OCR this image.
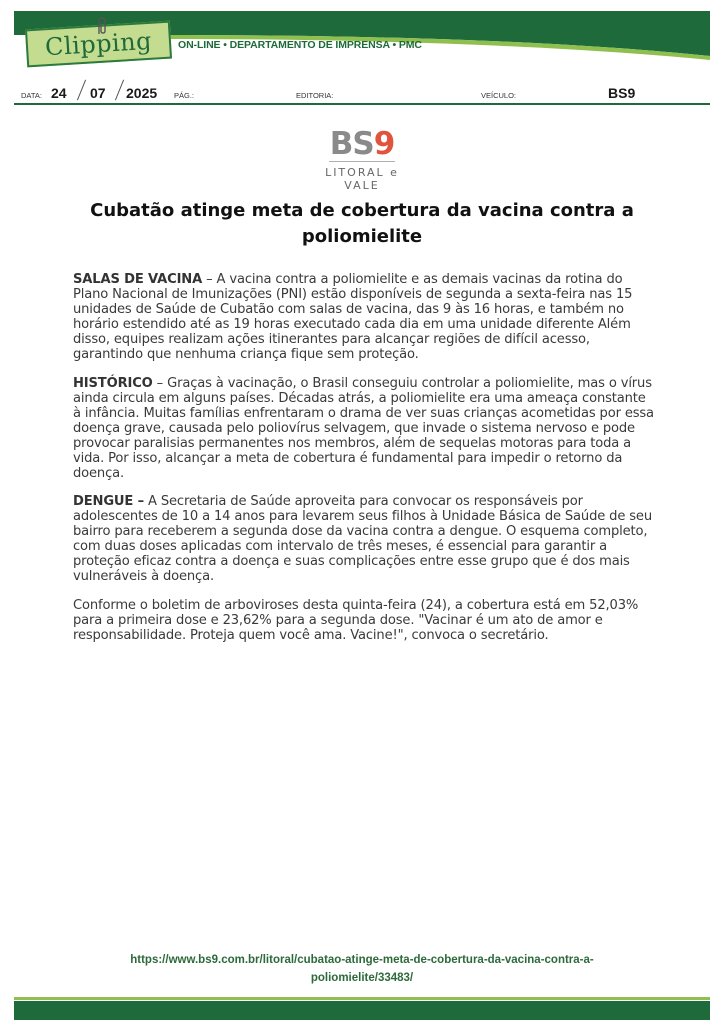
Clipping ON-LINE • DEPARTAMENTO DE IMPRENSA • PMC
DATA: 24 07 2025 PÁG.:	EDITORIA:	VEÍCULO:	BS9
BS9
LITORAL e VALE
Cubatão atinge meta de cobertura da vacina contra a poliomielite

SALAS DE VACINA – A vacina contra a poliomielite e as demais vacinas da rotina do Plano Nacional de Imunizações (PNI) estão disponíveis de segunda a sexta-feira nas 15 unidades de Saúde de Cubatão com salas de vacina, das 9 às 16 horas, e também no horário estendido até as 19 horas executado cada dia em uma unidade diferente Além disso, equipes realizam ações itinerantes para alcançar regiões de difícil acesso, garantindo que nenhuma criança fique sem proteção.

HISTÓRICO – Graças à vacinação, o Brasil conseguiu controlar a poliomielite, mas o vírus ainda circula em alguns países. Décadas atrás, a poliomielite era uma ameaça constante à infância. Muitas famílias enfrentaram o drama de ver suas crianças acometidas por essa doença grave, causada pelo poliovírus selvagem, que invade o sistema nervoso e pode provocar paralisias permanentes nos membros, além de sequelas motoras para toda a vida. Por isso, alcançar a meta de cobertura é fundamental para impedir o retorno da doença.

DENGUE – A Secretaria de Saúde aproveita para convocar os responsáveis por adolescentes de 10 a 14 anos para levarem seus filhos à Unidade Básica de Saúde de seu bairro para receberem a segunda dose da vacina contra a dengue. O esquema completo, com duas doses aplicadas com intervalo de três meses, é essencial para garantir a proteção eficaz contra a doença e suas complicações entre esse grupo que é dos mais vulneráveis à doença.

Conforme o boletim de arboviroses desta quinta-feira (24), a cobertura está em 52,03% para a primeira dose e 23,62% para a segunda dose. "Vacinar é um ato de amor e responsabilidade. Proteja quem você ama. Vacine!", convoca o secretário.

https://www.bs9.com.br/litoral/cubatao-atinge-meta-de-cobertura-da-vacina-contra-a-
poliomielite/33483/
